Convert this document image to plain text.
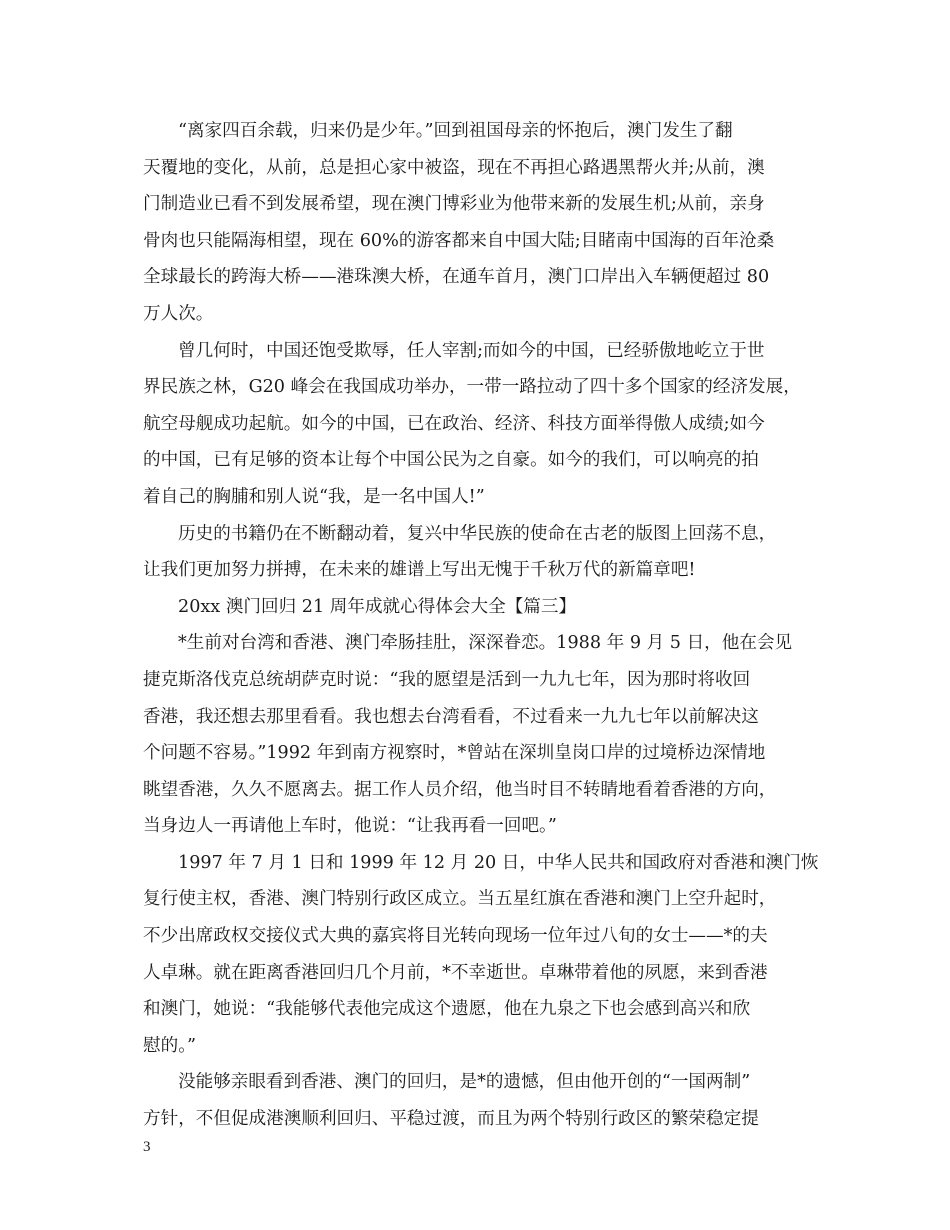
“离家四百余载，归来仍是少年。”回到祖国母亲的怀抱后，澳门发生了翻
天覆地的变化，从前，总是担心家中被盗，现在不再担心路遇黑帮火并;从前，澳
门制造业已看不到发展希望，现在澳门博彩业为他带来新的发展生机;从前，亲身
骨肉也只能隔海相望，现在 60%的游客都来自中国大陆;目睹南中国海的百年沧桑
全球最长的跨海大桥——港珠澳大桥，在通车首月，澳门口岸出入车辆便超过 80
万人次。
曾几何时，中国还饱受欺辱，任人宰割;而如今的中国，已经骄傲地屹立于世
界民族之林，G20 峰会在我国成功举办，一带一路拉动了四十多个国家的经济发展，
航空母舰成功起航。如今的中国，已在政治、经济、科技方面举得傲人成绩;如今
的中国，已有足够的资本让每个中国公民为之自豪。如今的我们，可以响亮的拍
着自己的胸脯和别人说“我，是一名中国人!”
历史的书籍仍在不断翻动着，复兴中华民族的使命在古老的版图上回荡不息，
让我们更加努力拼搏，在未来的雄谱上写出无愧于千秋万代的新篇章吧!
20xx 澳门回归 21 周年成就心得体会大全【篇三】
*生前对台湾和香港、澳门牵肠挂肚，深深眷恋。1988 年 9 月 5 日，他在会见
捷克斯洛伐克总统胡萨克时说：“我的愿望是活到一九九七年，因为那时将收回
香港，我还想去那里看看。我也想去台湾看看，不过看来一九九七年以前解决这
个问题不容易。”1992 年到南方视察时，*曾站在深圳皇岗口岸的过境桥边深情地
眺望香港，久久不愿离去。据工作人员介绍，他当时目不转睛地看着香港的方向，
当身边人一再请他上车时，他说：“让我再看一回吧。”
1997 年 7 月 1 日和 1999 年 12 月 20 日，中华人民共和国政府对香港和澳门恢
复行使主权，香港、澳门特别行政区成立。当五星红旗在香港和澳门上空升起时，
不少出席政权交接仪式大典的嘉宾将目光转向现场一位年过八旬的女士——*的夫
人卓琳。就在距离香港回归几个月前，*不幸逝世。卓琳带着他的夙愿，来到香港
和澳门，她说：“我能够代表他完成这个遗愿，他在九泉之下也会感到高兴和欣
慰的。”
没能够亲眼看到香港、澳门的回归，是*的遗憾，但由他开创的“一国两制”
方针，不但促成港澳顺利回归、平稳过渡，而且为两个特别行政区的繁荣稳定提
3
